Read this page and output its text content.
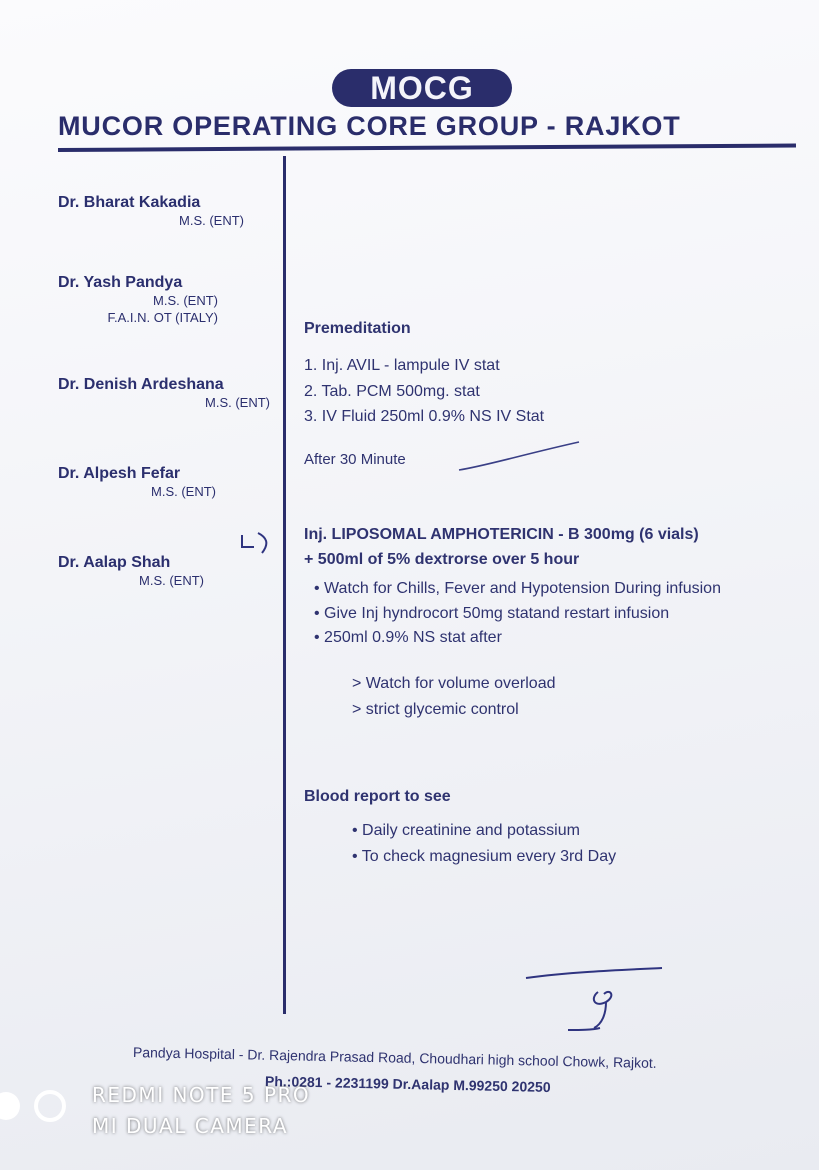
MOCG
MUCOR OPERATING CORE GROUP - RAJKOT
Dr. Bharat Kakadia
M.S. (ENT)
Dr. Yash Pandya
M.S. (ENT)
F.A.I.N. OT (ITALY)
Dr. Denish Ardeshana
M.S. (ENT)
Dr. Alpesh Fefar
M.S. (ENT)
Dr. Aalap Shah
M.S. (ENT)
Premeditation
1. Inj. AVIL - lampule IV stat
2. Tab. PCM 500mg. stat
3. IV Fluid 250ml 0.9% NS IV Stat
After 30 Minute
Inj. LIPOSOMAL AMPHOTERICIN - B 300mg (6 vials)
+ 500ml of 5% dextrorse over 5 hour
• Watch for Chills, Fever and Hypotension During infusion
• Give Inj hyndrocort 50mg statand restart infusion
• 250ml 0.9% NS stat after
> Watch for volume overload
> strict glycemic control
Blood report to see
• Daily creatinine and potassium
• To check magnesium every 3rd Day
Pandya Hospital - Dr. Rajendra Prasad Road, Choudhari high school Chowk, Rajkot.
Ph.:0281 - 2231199 Dr.Aalap M.99250 20250
REDMI NOTE 5 PRO
MI DUAL CAMERA
